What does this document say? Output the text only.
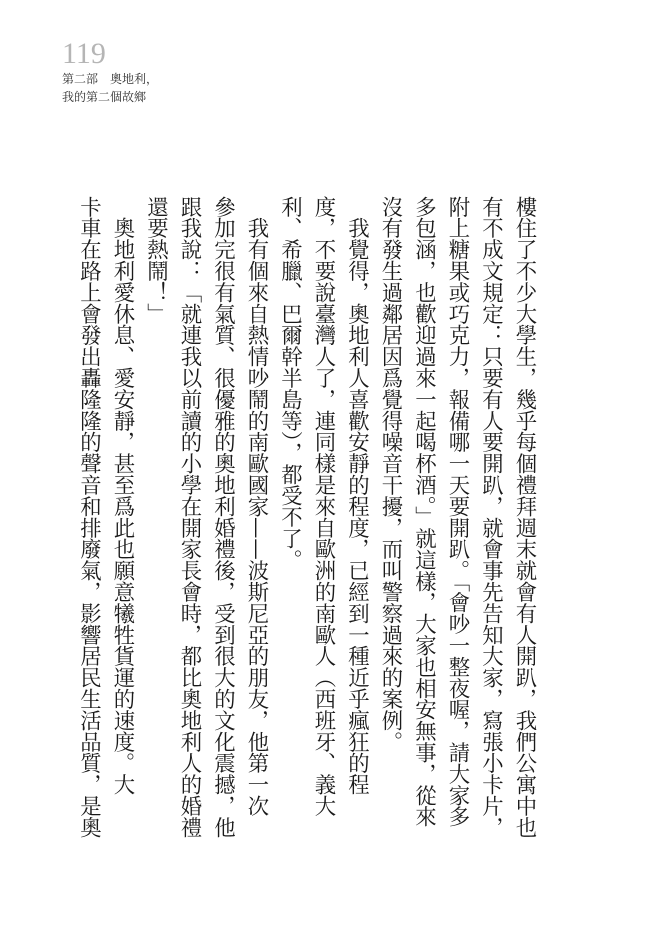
119
第二部　奧地利，
我的第二個故鄉
樓住了不少大學生，幾乎每個禮拜週末就會有人開趴，我們公寓中也
有不成文規定：只要有人要開趴，就會事先告知大家，寫張小卡片，
附上糖果或巧克力，報備哪一天要開趴。「會吵一整夜喔，請大家多
多包涵，也歡迎過來一起喝杯酒。」就這樣，大家也相安無事，從來
沒有發生過鄰居因爲覺得噪音干擾，而叫警察過來的案例。
　我覺得，奧地利人喜歡安靜的程度，已經到一種近乎瘋狂的程
度，不要說臺灣人了，連同樣是來自歐洲的南歐人（西班牙、義大
利、希臘、巴爾幹半島等），都受不了。
　我有個來自熱情吵鬧的南歐國家——波斯尼亞的朋友，他第一次
參加完很有氣質、很優雅的奧地利婚禮後，受到很大的文化震撼，他
跟我說：「就連我以前讀的小學在開家長會時，都比奧地利人的婚禮
還要熱鬧！」
　奧地利愛休息、愛安靜，甚至爲此也願意犧牲貨運的速度。大
卡車在路上會發出轟隆隆的聲音和排廢氣，影響居民生活品質，是奧
